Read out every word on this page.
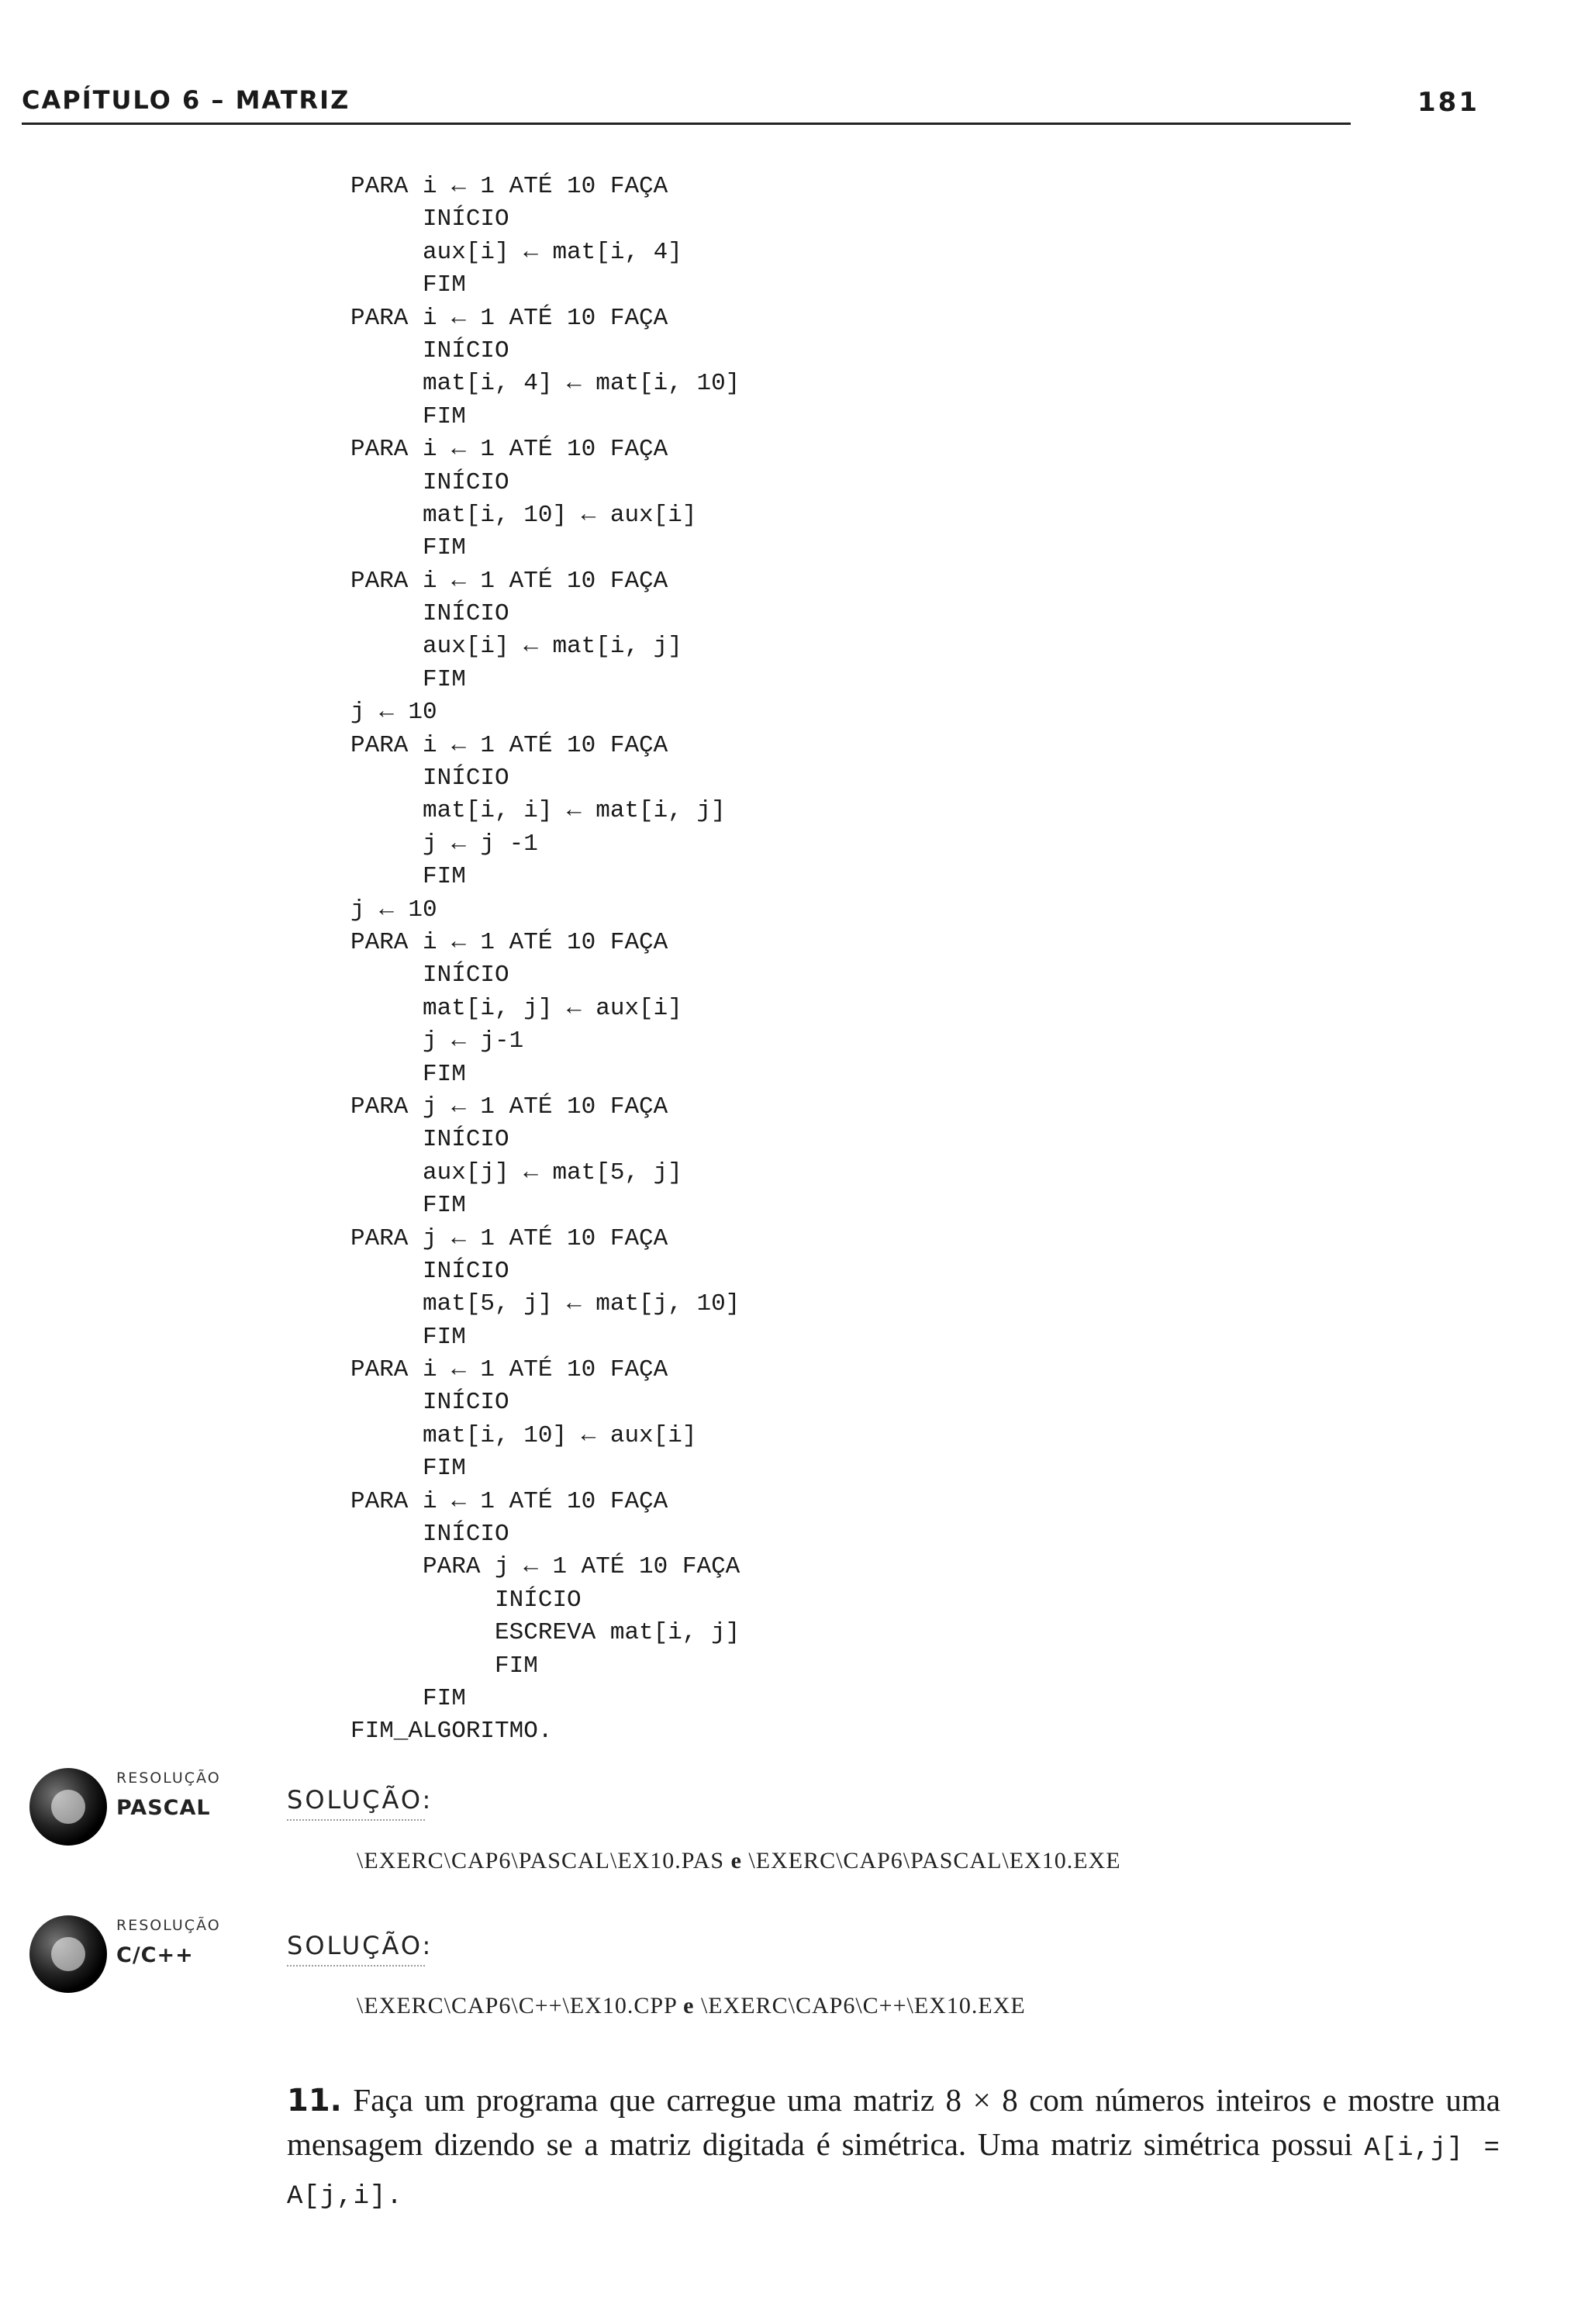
CAPÍTULO 6 – MATRIZ	181
PARA i ← 1 ATÉ 10 FAÇA
INÍCIO
aux[i] ← mat[i, 4]
FIM
PARA i ← 1 ATÉ 10 FAÇA
INÍCIO
mat[i, 4] ← mat[i, 10]
FIM
PARA i ← 1 ATÉ 10 FAÇA
INÍCIO
mat[i, 10] ← aux[i]
FIM
PARA i ← 1 ATÉ 10 FAÇA
INÍCIO
aux[i] ← mat[i, j]
FIM
j ← 10
PARA i ← 1 ATÉ 10 FAÇA
INÍCIO
mat[i, i] ← mat[i, j]
j ← j -1
FIM
j ← 10
PARA i ← 1 ATÉ 10 FAÇA
INÍCIO
mat[i, j] ← aux[i]
j ← j-1
FIM
PARA j ← 1 ATÉ 10 FAÇA
INÍCIO
aux[j] ← mat[5, j]
FIM
PARA j ← 1 ATÉ 10 FAÇA
INÍCIO
mat[5, j] ← mat[j, 10]
FIM
PARA i ← 1 ATÉ 10 FAÇA
INÍCIO
mat[i, 10] ← aux[i]
FIM
PARA i ← 1 ATÉ 10 FAÇA
INÍCIO
PARA j ← 1 ATÉ 10 FAÇA
INÍCIO
ESCREVA mat[i, j]
FIM
FIM
FIM_ALGORITMO.
RESOLUÇÃO
PASCAL	SOLUÇÃO:
\EXERC\CAP6\PASCAL\EX10.PAS e \EXERC\CAP6\PASCAL\EX10.EXE
RESOLUÇÃO
C/C++	SOLUÇÃO:
\EXERC\CAP6\C++\EX10.CPP e \EXERC\CAP6\C++\EX10.EXE
11. Faça um programa que carregue uma matriz 8 × 8 com números inteiros e mostre uma mensagem dizendo se a matriz digitada é simétrica. Uma matriz simétrica possui A[i,j] = A[j,i].
